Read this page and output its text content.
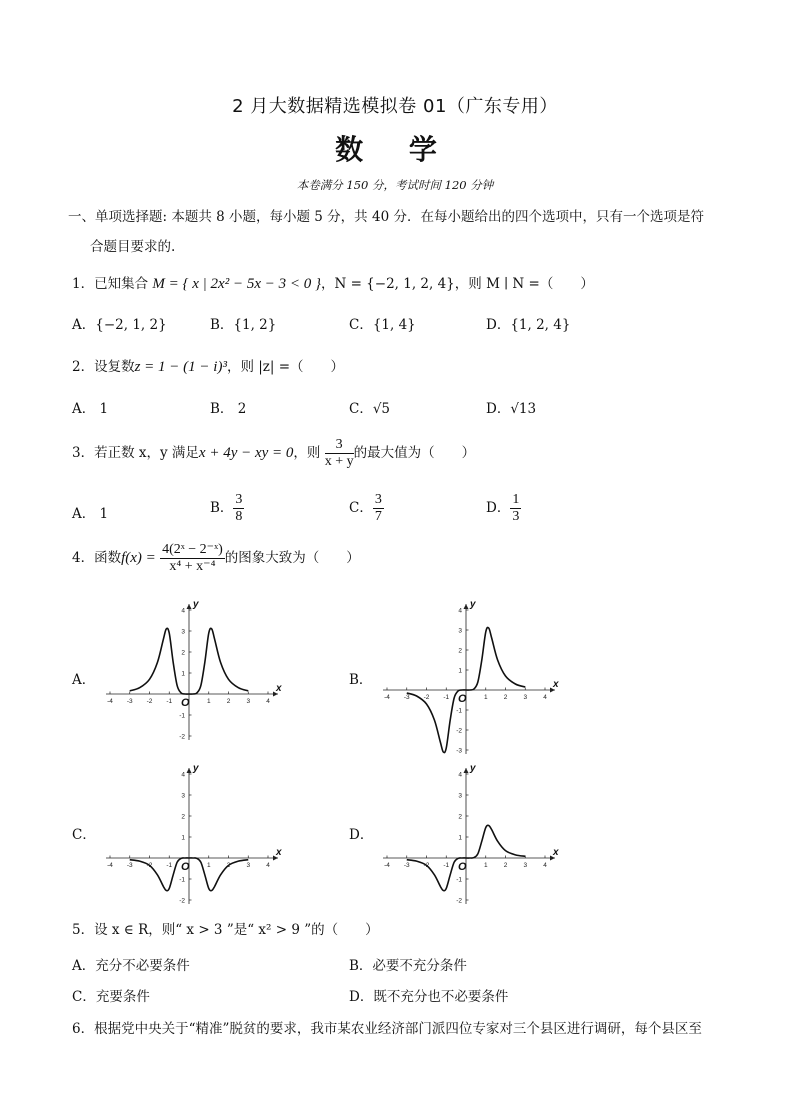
2 月大数据精选模拟卷 01（广东专用）
数 学
本卷满分 150 分，考试时间 120 分钟
一、单项选择题: 本题共 8 小题，每小题 5 分，共 40 分．在每小题给出的四个选项中，只有一个选项是符
合题目要求的.
1．已知集合 M = { x | 2x² − 5x − 3 < 0 }，N = {−2, 1, 2, 4}，则 M ∣ N =（　　）
A．{−2, 1, 2}	B．{1, 2}	C．{1, 4}	D．{1, 2, 4}
2．设复数z = 1 − (1 − i)³，则 |z| =（　　）
A． 1	B． 2	C．√5	D．√13
3．若正数 x，y 满足x + 4y − xy = 0，则 $\frac{3}{x + y}$ 的最大值为（　　）
A． 1	B． $\frac{3}{8}$	C． $\frac{3}{7}$	D． $\frac{1}{3}$
4．函数$f(x) = \frac{\text{4(2ˣ − 2⁻ˣ)}}{\text{x⁴ + x⁻⁴}}$ 的图象大致为（　　）
A．	B．
C．	D．
-4 -3 -2 -1	1 2 3 4
-2
-1
1
2
3
4
x
y
O	-4 -3 -2 -1	1 2 3 4
-3
-2
-1
1
2
3
4
x
y
O
-4 -3 -2 -1	1 2 3 4
-2
-1
1
2
3
4
x
y
O	-4 -3 -2 -1	1 2 3 4
-2
-1
1
2
3
4
x
y
O
5．设 x ∈ R，则“ x > 3 ”是“ x² > 9 ”的（　　）
A．充分不必要条件	B．必要不充分条件
C．充要条件	D．既不充分也不必要条件
6．根据党中央关于“精准”脱贫的要求，我市某农业经济部门派四位专家对三个县区进行调研，每个县区至
